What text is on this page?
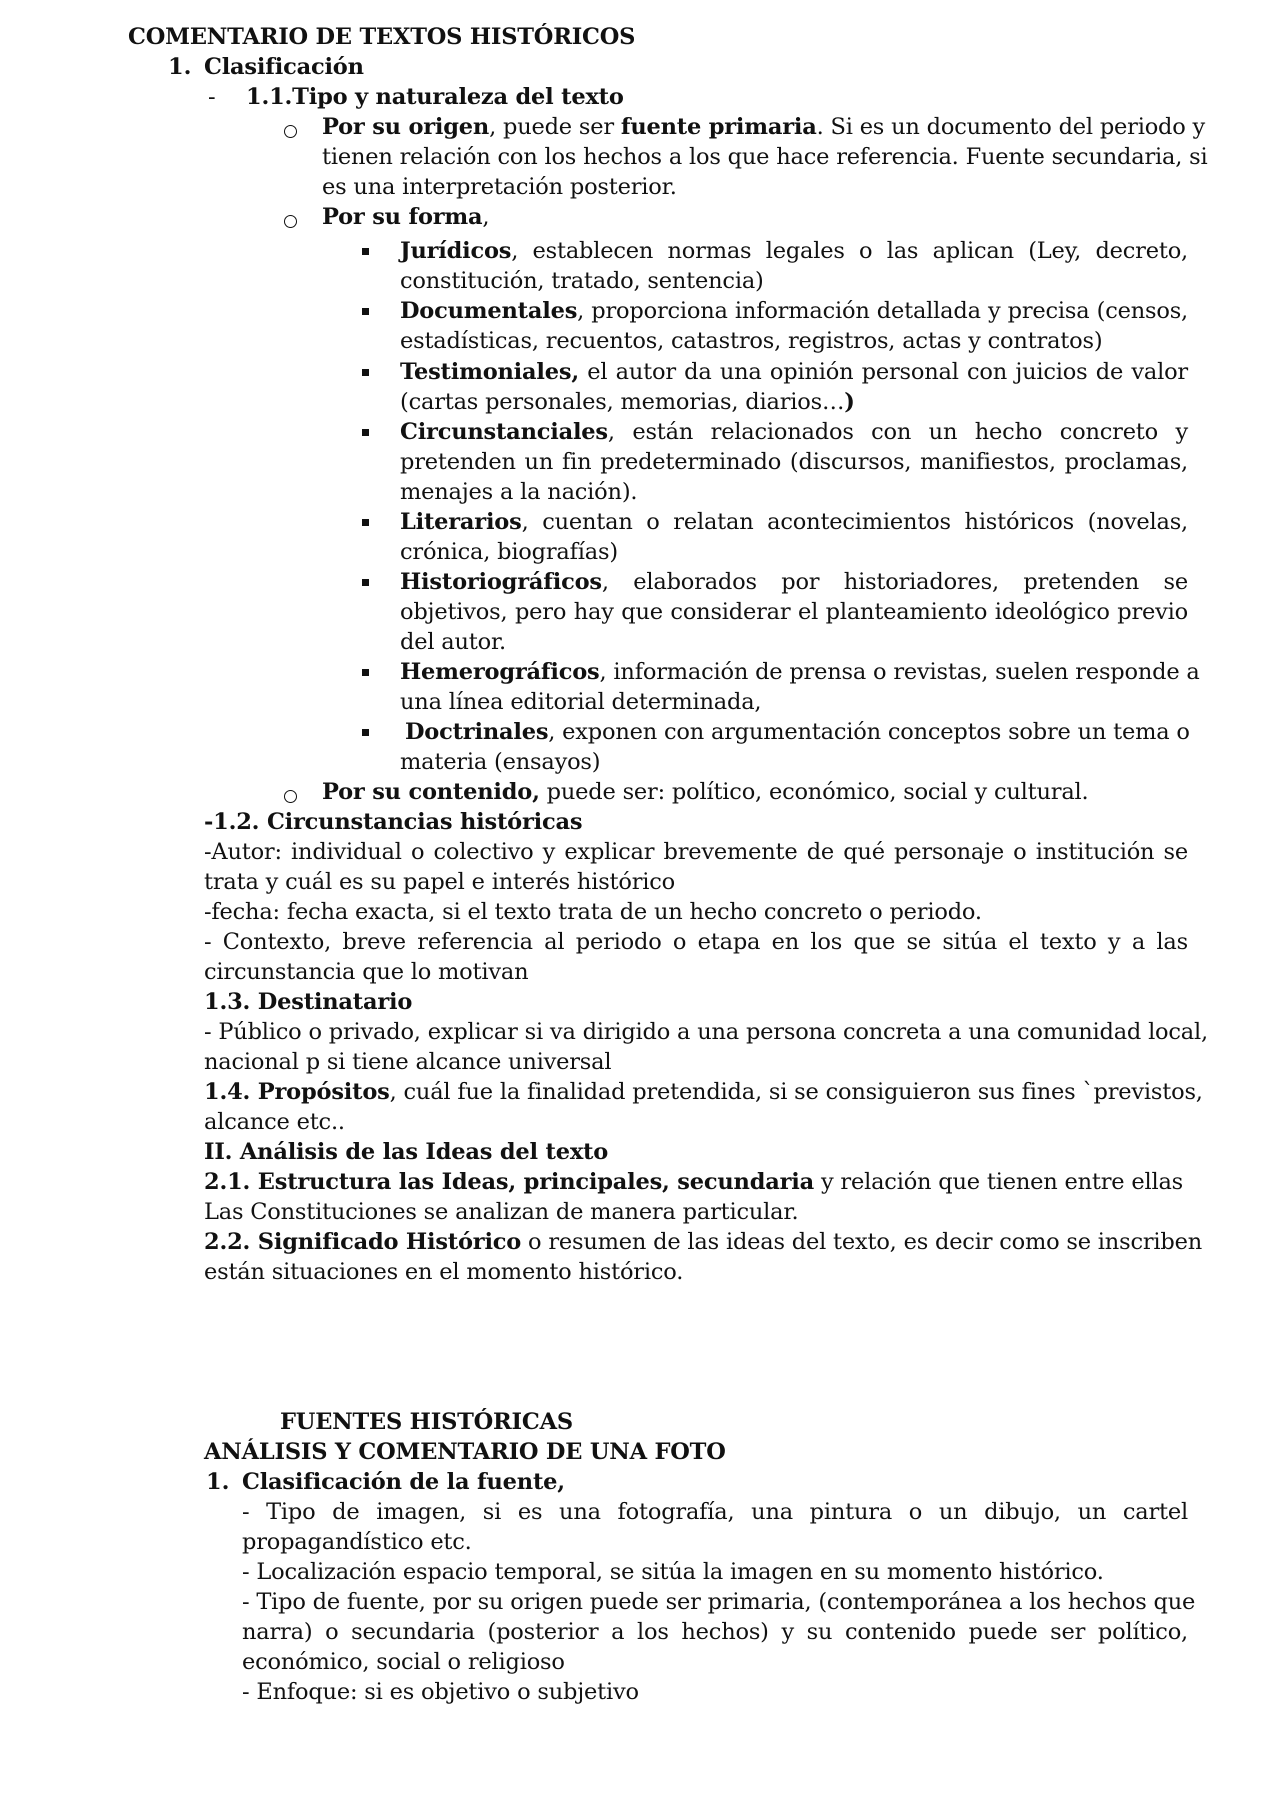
COMENTARIO DE TEXTOS HISTÓRICOS
1. Clasificación
- 1.1.Tipo y naturaleza del texto
Por su origen, puede ser fuente primaria. Si es un documento del periodo y
tienen relación con los hechos a los que hace referencia. Fuente secundaria, si
es una interpretación posterior.
Por su forma,
Jurídicos, establecen normas legales o las aplican (Ley, decreto,
constitución, tratado, sentencia)
Documentales, proporciona información detallada y precisa (censos,
estadísticas, recuentos, catastros, registros, actas y contratos)
Testimoniales, el autor da una opinión personal con juicios de valor
(cartas personales, memorias, diarios…)
Circunstanciales, están relacionados con un hecho concreto y
pretenden un fin predeterminado (discursos, manifiestos, proclamas,
menajes a la nación).
Literarios, cuentan o relatan acontecimientos históricos (novelas,
crónica, biografías)
Historiográficos, elaborados por historiadores, pretenden se
objetivos, pero hay que considerar el planteamiento ideológico previo
del autor.
Hemerográficos, información de prensa o revistas, suelen responde a
una línea editorial determinada,
Doctrinales, exponen con argumentación conceptos sobre un tema o
materia (ensayos)
Por su contenido, puede ser: político, económico, social y cultural.
-1.2. Circunstancias históricas
-Autor: individual o colectivo y explicar brevemente de qué personaje o institución se
trata y cuál es su papel e interés histórico
-fecha: fecha exacta, si el texto trata de un hecho concreto o periodo.
- Contexto, breve referencia al periodo o etapa en los que se sitúa el texto y a las
circunstancia que lo motivan
1.3. Destinatario
- Público o privado, explicar si va dirigido a una persona concreta a una comunidad local,
nacional p si tiene alcance universal
1.4. Propósitos, cuál fue la finalidad pretendida, si se consiguieron sus fines `previstos,
alcance etc..
II. Análisis de las Ideas del texto
2.1. Estructura las Ideas, principales, secundaria y relación que tienen entre ellas
Las Constituciones se analizan de manera particular.
2.2. Significado Histórico o resumen de las ideas del texto, es decir como se inscriben
están situaciones en el momento histórico.
FUENTES HISTÓRICAS
ANÁLISIS Y COMENTARIO DE UNA FOTO
1. Clasificación de la fuente,
- Tipo de imagen, si es una fotografía, una pintura o un dibujo, un cartel
propagandístico etc.
- Localización espacio temporal, se sitúa la imagen en su momento histórico.
- Tipo de fuente, por su origen puede ser primaria, (contemporánea a los hechos que
narra) o secundaria (posterior a los hechos) y su contenido puede ser político,
económico, social o religioso
- Enfoque: si es objetivo o subjetivo
